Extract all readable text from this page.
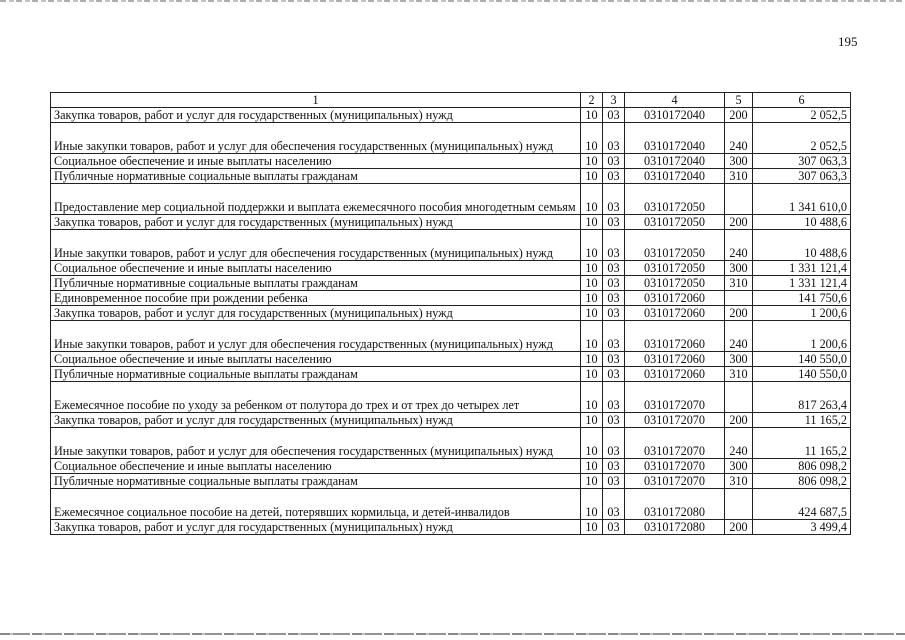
195
1	2	3	4	5	6
Закупка товаров, работ и услуг для государственных (муниципальных) нужд	10	03	0310172040	200	2 052,5
Иные закупки товаров, работ и услуг для обеспечения государственных (муниципальных) нужд	10	03	0310172040	240	2 052,5
Социальное обеспечение и иные выплаты населению	10	03	0310172040	300	307 063,3
Публичные нормативные социальные выплаты гражданам	10	03	0310172040	310	307 063,3
Предоставление мер социальной поддержки и выплата ежемесячного пособия многодетным семьям	10	03	0310172050		1 341 610,0
Закупка товаров, работ и услуг для государственных (муниципальных) нужд	10	03	0310172050	200	10 488,6
Иные закупки товаров, работ и услуг для обеспечения государственных (муниципальных) нужд	10	03	0310172050	240	10 488,6
Социальное обеспечение и иные выплаты населению	10	03	0310172050	300	1 331 121,4
Публичные нормативные социальные выплаты гражданам	10	03	0310172050	310	1 331 121,4
Единовременное пособие при рождении ребенка	10	03	0310172060		141 750,6
Закупка товаров, работ и услуг для государственных (муниципальных) нужд	10	03	0310172060	200	1 200,6
Иные закупки товаров, работ и услуг для обеспечения государственных (муниципальных) нужд	10	03	0310172060	240	1 200,6
Социальное обеспечение и иные выплаты населению	10	03	0310172060	300	140 550,0
Публичные нормативные социальные выплаты гражданам	10	03	0310172060	310	140 550,0
Ежемесячное пособие по уходу за ребенком от полутора до трех и от трех до четырех лет	10	03	0310172070		817 263,4
Закупка товаров, работ и услуг для государственных (муниципальных) нужд	10	03	0310172070	200	11 165,2
Иные закупки товаров, работ и услуг для обеспечения государственных (муниципальных) нужд	10	03	0310172070	240	11 165,2
Социальное обеспечение и иные выплаты населению	10	03	0310172070	300	806 098,2
Публичные нормативные социальные выплаты гражданам	10	03	0310172070	310	806 098,2
Ежемесячное социальное пособие на детей, потерявших кормильца, и детей-инвалидов	10	03	0310172080		424 687,5
Закупка товаров, работ и услуг для государственных (муниципальных) нужд	10	03	0310172080	200	3 499,4
